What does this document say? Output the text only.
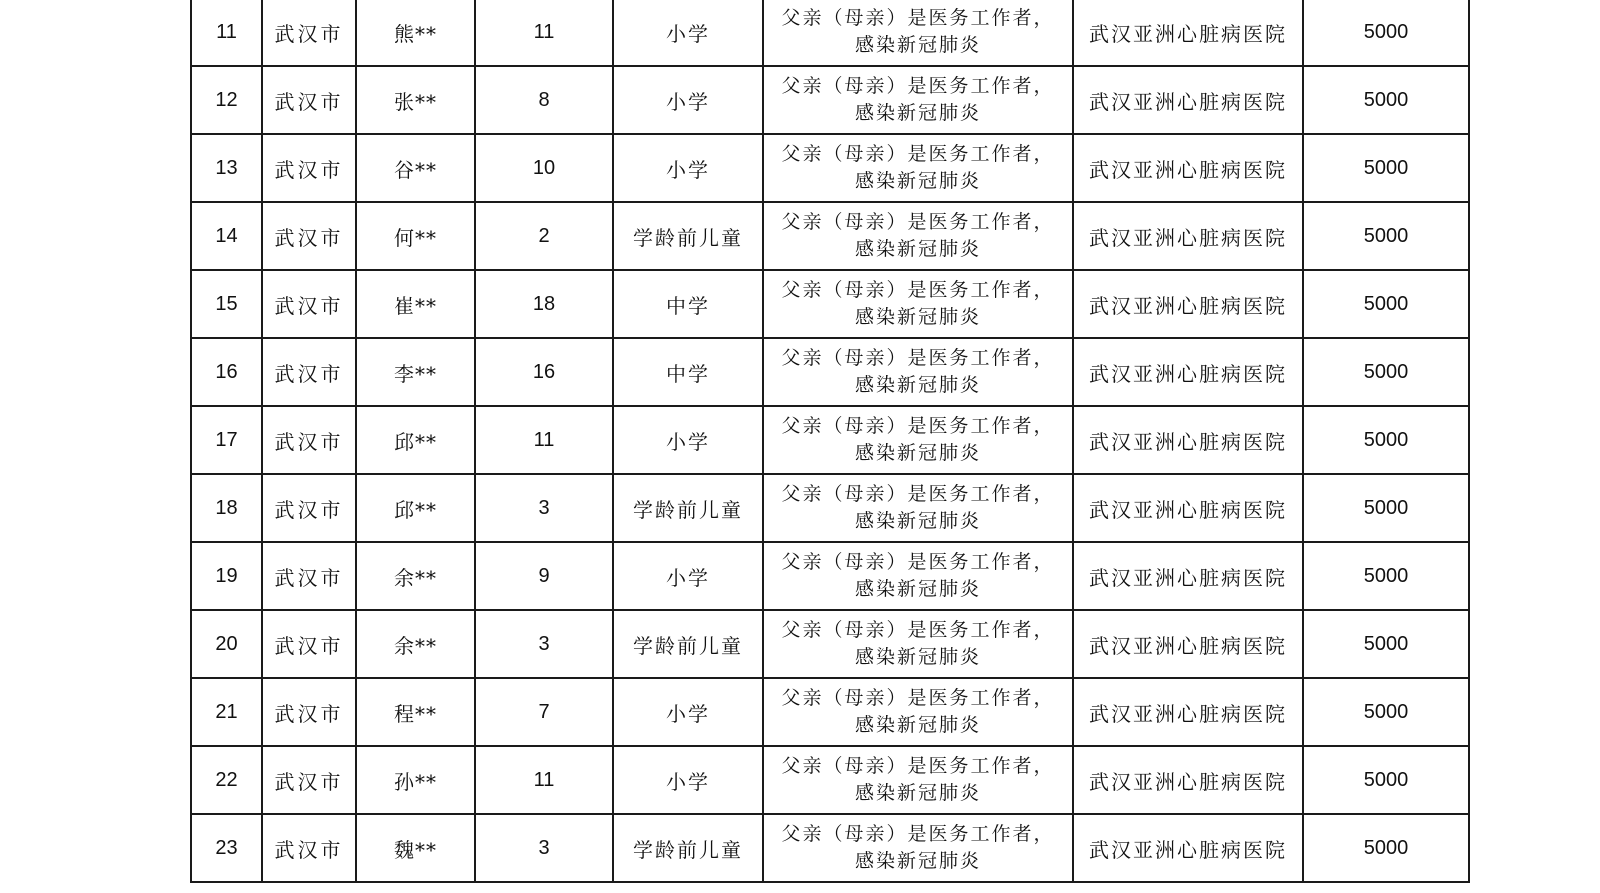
11	武汉市	熊**	11	小学	父亲（母亲）是医务工作者，
感染新冠肺炎	武汉亚洲心脏病医院	5000
12	武汉市	张**	8	小学	父亲（母亲）是医务工作者，
感染新冠肺炎	武汉亚洲心脏病医院	5000
13	武汉市	谷**	10	小学	父亲（母亲）是医务工作者，
感染新冠肺炎	武汉亚洲心脏病医院	5000
14	武汉市	何**	2	学龄前儿童	父亲（母亲）是医务工作者，
感染新冠肺炎	武汉亚洲心脏病医院	5000
15	武汉市	崔**	18	中学	父亲（母亲）是医务工作者，
感染新冠肺炎	武汉亚洲心脏病医院	5000
16	武汉市	李**	16	中学	父亲（母亲）是医务工作者，
感染新冠肺炎	武汉亚洲心脏病医院	5000
17	武汉市	邱**	11	小学	父亲（母亲）是医务工作者，
感染新冠肺炎	武汉亚洲心脏病医院	5000
18	武汉市	邱**	3	学龄前儿童	父亲（母亲）是医务工作者，
感染新冠肺炎	武汉亚洲心脏病医院	5000
19	武汉市	余**	9	小学	父亲（母亲）是医务工作者，
感染新冠肺炎	武汉亚洲心脏病医院	5000
20	武汉市	余**	3	学龄前儿童	父亲（母亲）是医务工作者，
感染新冠肺炎	武汉亚洲心脏病医院	5000
21	武汉市	程**	7	小学	父亲（母亲）是医务工作者，
感染新冠肺炎	武汉亚洲心脏病医院	5000
22	武汉市	孙**	11	小学	父亲（母亲）是医务工作者，
感染新冠肺炎	武汉亚洲心脏病医院	5000
23	武汉市	魏**	3	学龄前儿童	父亲（母亲）是医务工作者，
感染新冠肺炎	武汉亚洲心脏病医院	5000
